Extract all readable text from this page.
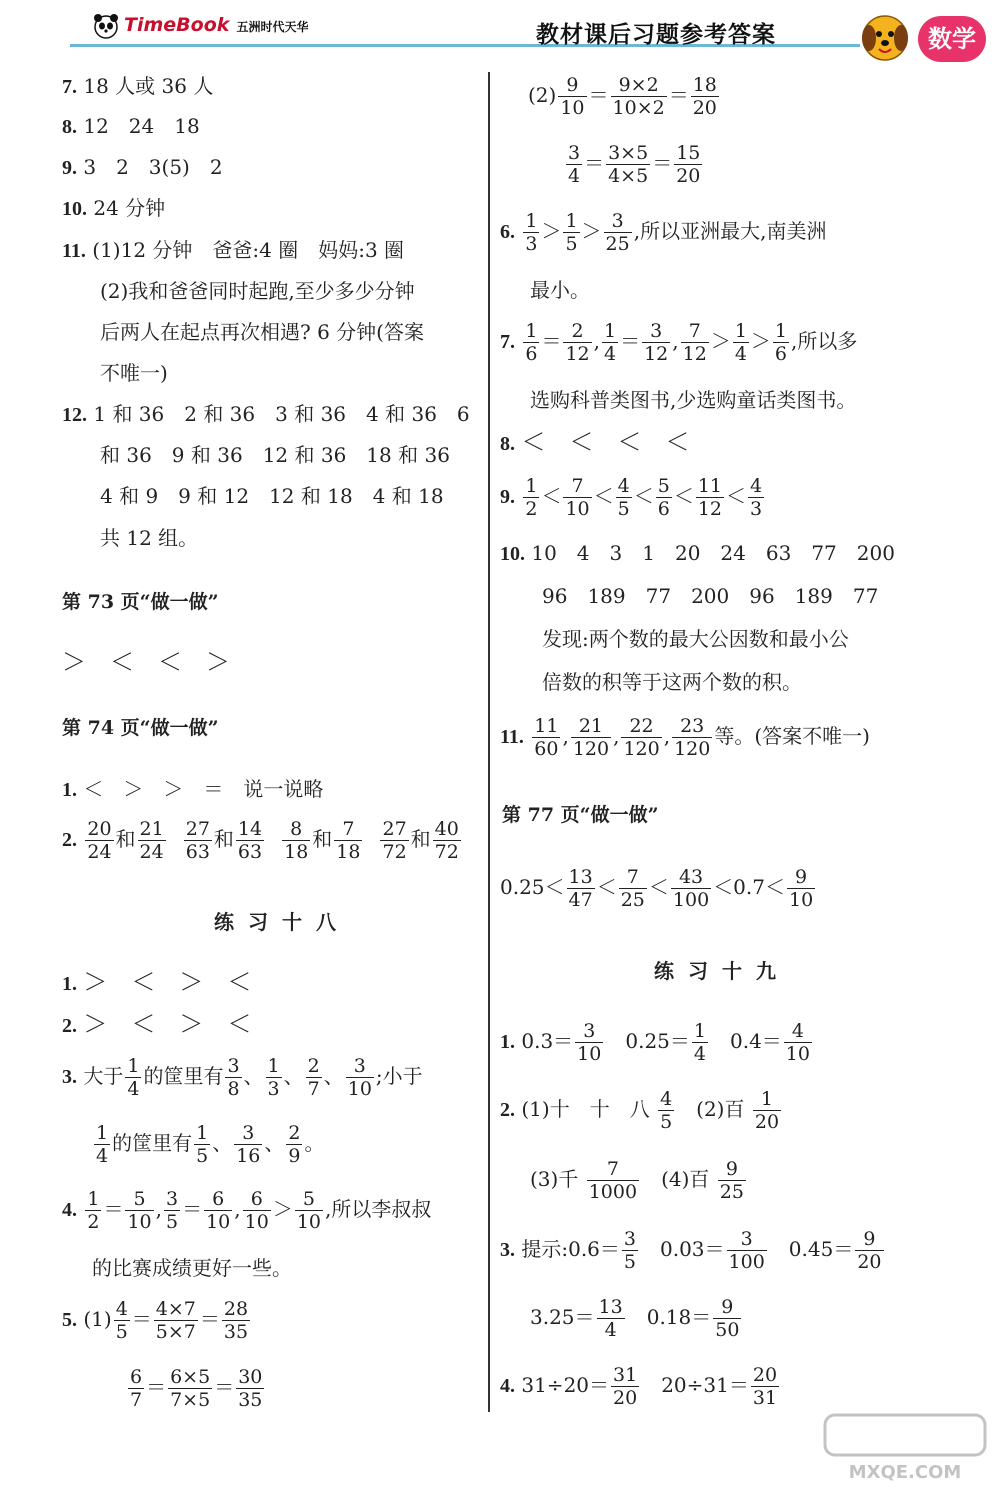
TimeBook 五洲时代天华	教材课后习题参考答案	数学
7. 18 人或 36 人
8. 12　24　18
9. 3　2　3(5)　2
10. 24 分钟
11. (1)12 分钟　爸爸:4 圈　妈妈:3 圈
(2)我和爸爸同时起跑,至少多少分钟
后两人在起点再次相遇? 6 分钟(答案
不唯一)
12. 1 和 36　2 和 36　3 和 36　4 和 36　6
和 36　9 和 36　12 和 36　18 和 36
4 和 9　9 和 12　12 和 18　4 和 18
共 12 组。
第 73 页“做一做”
＞　＜　＜　＞
第 74 页“做一做”
1. ＜　＞　＞　＝　说一说略
2. $\frac{20}{24}$ 和 $\frac{21}{24} \frac{27}{63}$ 和 $\frac{14}{63} \frac{8}{18}$ 和 $\frac{7}{18} \frac{27}{72}$ 和 $\frac{40}{72}$
练习十八
1. ＞　＜　＞　＜
2. ＞　＜　＞　＜
3. 大于 $\frac{1}{4}$ 的筐里有 $\frac{3}{8}$ 、 $\frac{1}{3}$ 、 $\frac{2}{7}$ 、 $\frac{3}{10}$ ;小于
$\frac{1}{4}$ 的筐里有 $\frac{1}{5}$ 、 $\frac{3}{16}$ 、 $\frac{2}{9}$ 。
4. $\frac{1}{2} = \frac{5}{10}$ , $\frac{3}{5} = \frac{6}{10}$ , $\frac{6}{10} > \frac{5}{10}$ ,所以李叔叔
的比赛成绩更好一些。
5. $(1) \frac{4}{5} = \frac{4\times 7}{5\times 7} = \frac{28}{35}$
$\frac{6}{7} = \frac{6\times 5}{7\times 5} = \frac{30}{35}$
$(2) \frac{9}{10} = \frac{9\times 2}{10\times 2} = \frac{18}{20}$
$\frac{3}{4} = \frac{3\times 5}{4\times 5} = \frac{15}{20}$
6. $\frac{1}{3} > \frac{1}{5} > \frac{3}{25}$ ,所以亚洲最大,南美洲
最小。
7. $\frac{1}{6} = \frac{2}{12}$ , $\frac{1}{4} = \frac{3}{12}$ , $\frac{7}{12} > \frac{1}{4} > \frac{1}{6}$ ,所以多
选购科普类图书,少选购童话类图书。
8. ＜　＜　＜　＜
9. $\frac{1}{2} < \frac{7}{10} < \frac{4}{5} < \frac{5}{6} < \frac{11}{12} < \frac{4}{3}$
10. 10　4　3　1　20　24　63　77　200
96　189　77　200　96　189　77
发现:两个数的最大公因数和最小公
倍数的积等于这两个数的积。
11. $\frac{11}{60}$ , $\frac{21}{120}$ , $\frac{22}{120}$ , $\frac{23}{120}$ 等。(答案不唯一)
第 77 页“做一做”
$0.25< \frac{13}{47} < \frac{7}{25} < \frac{43}{100} <0.7< \frac{9}{10}$
练习十九
1. $0.3= \frac{3}{10}$
　 $0.25= \frac{1}{4}$
　 $0.4= \frac{4}{10}$
2. (1)十　十　八 $\frac{4}{5}$
　 (2)百 $\frac{1}{20}$
(3)千 $\frac{7}{1000}$
　 (4)百 $\frac{9}{25}$
3. 提示:0.6＝ $\frac{3}{5}$
　 $0.03= \frac{3}{100}$
　 $0.45= \frac{9}{20}$
$3.25= \frac{13}{4}$
　 $0.18= \frac{9}{50}$
4. $31\div 20= \frac{31}{20}$
　 $20\div 31= \frac{20}{31}$
MXQE.COM
